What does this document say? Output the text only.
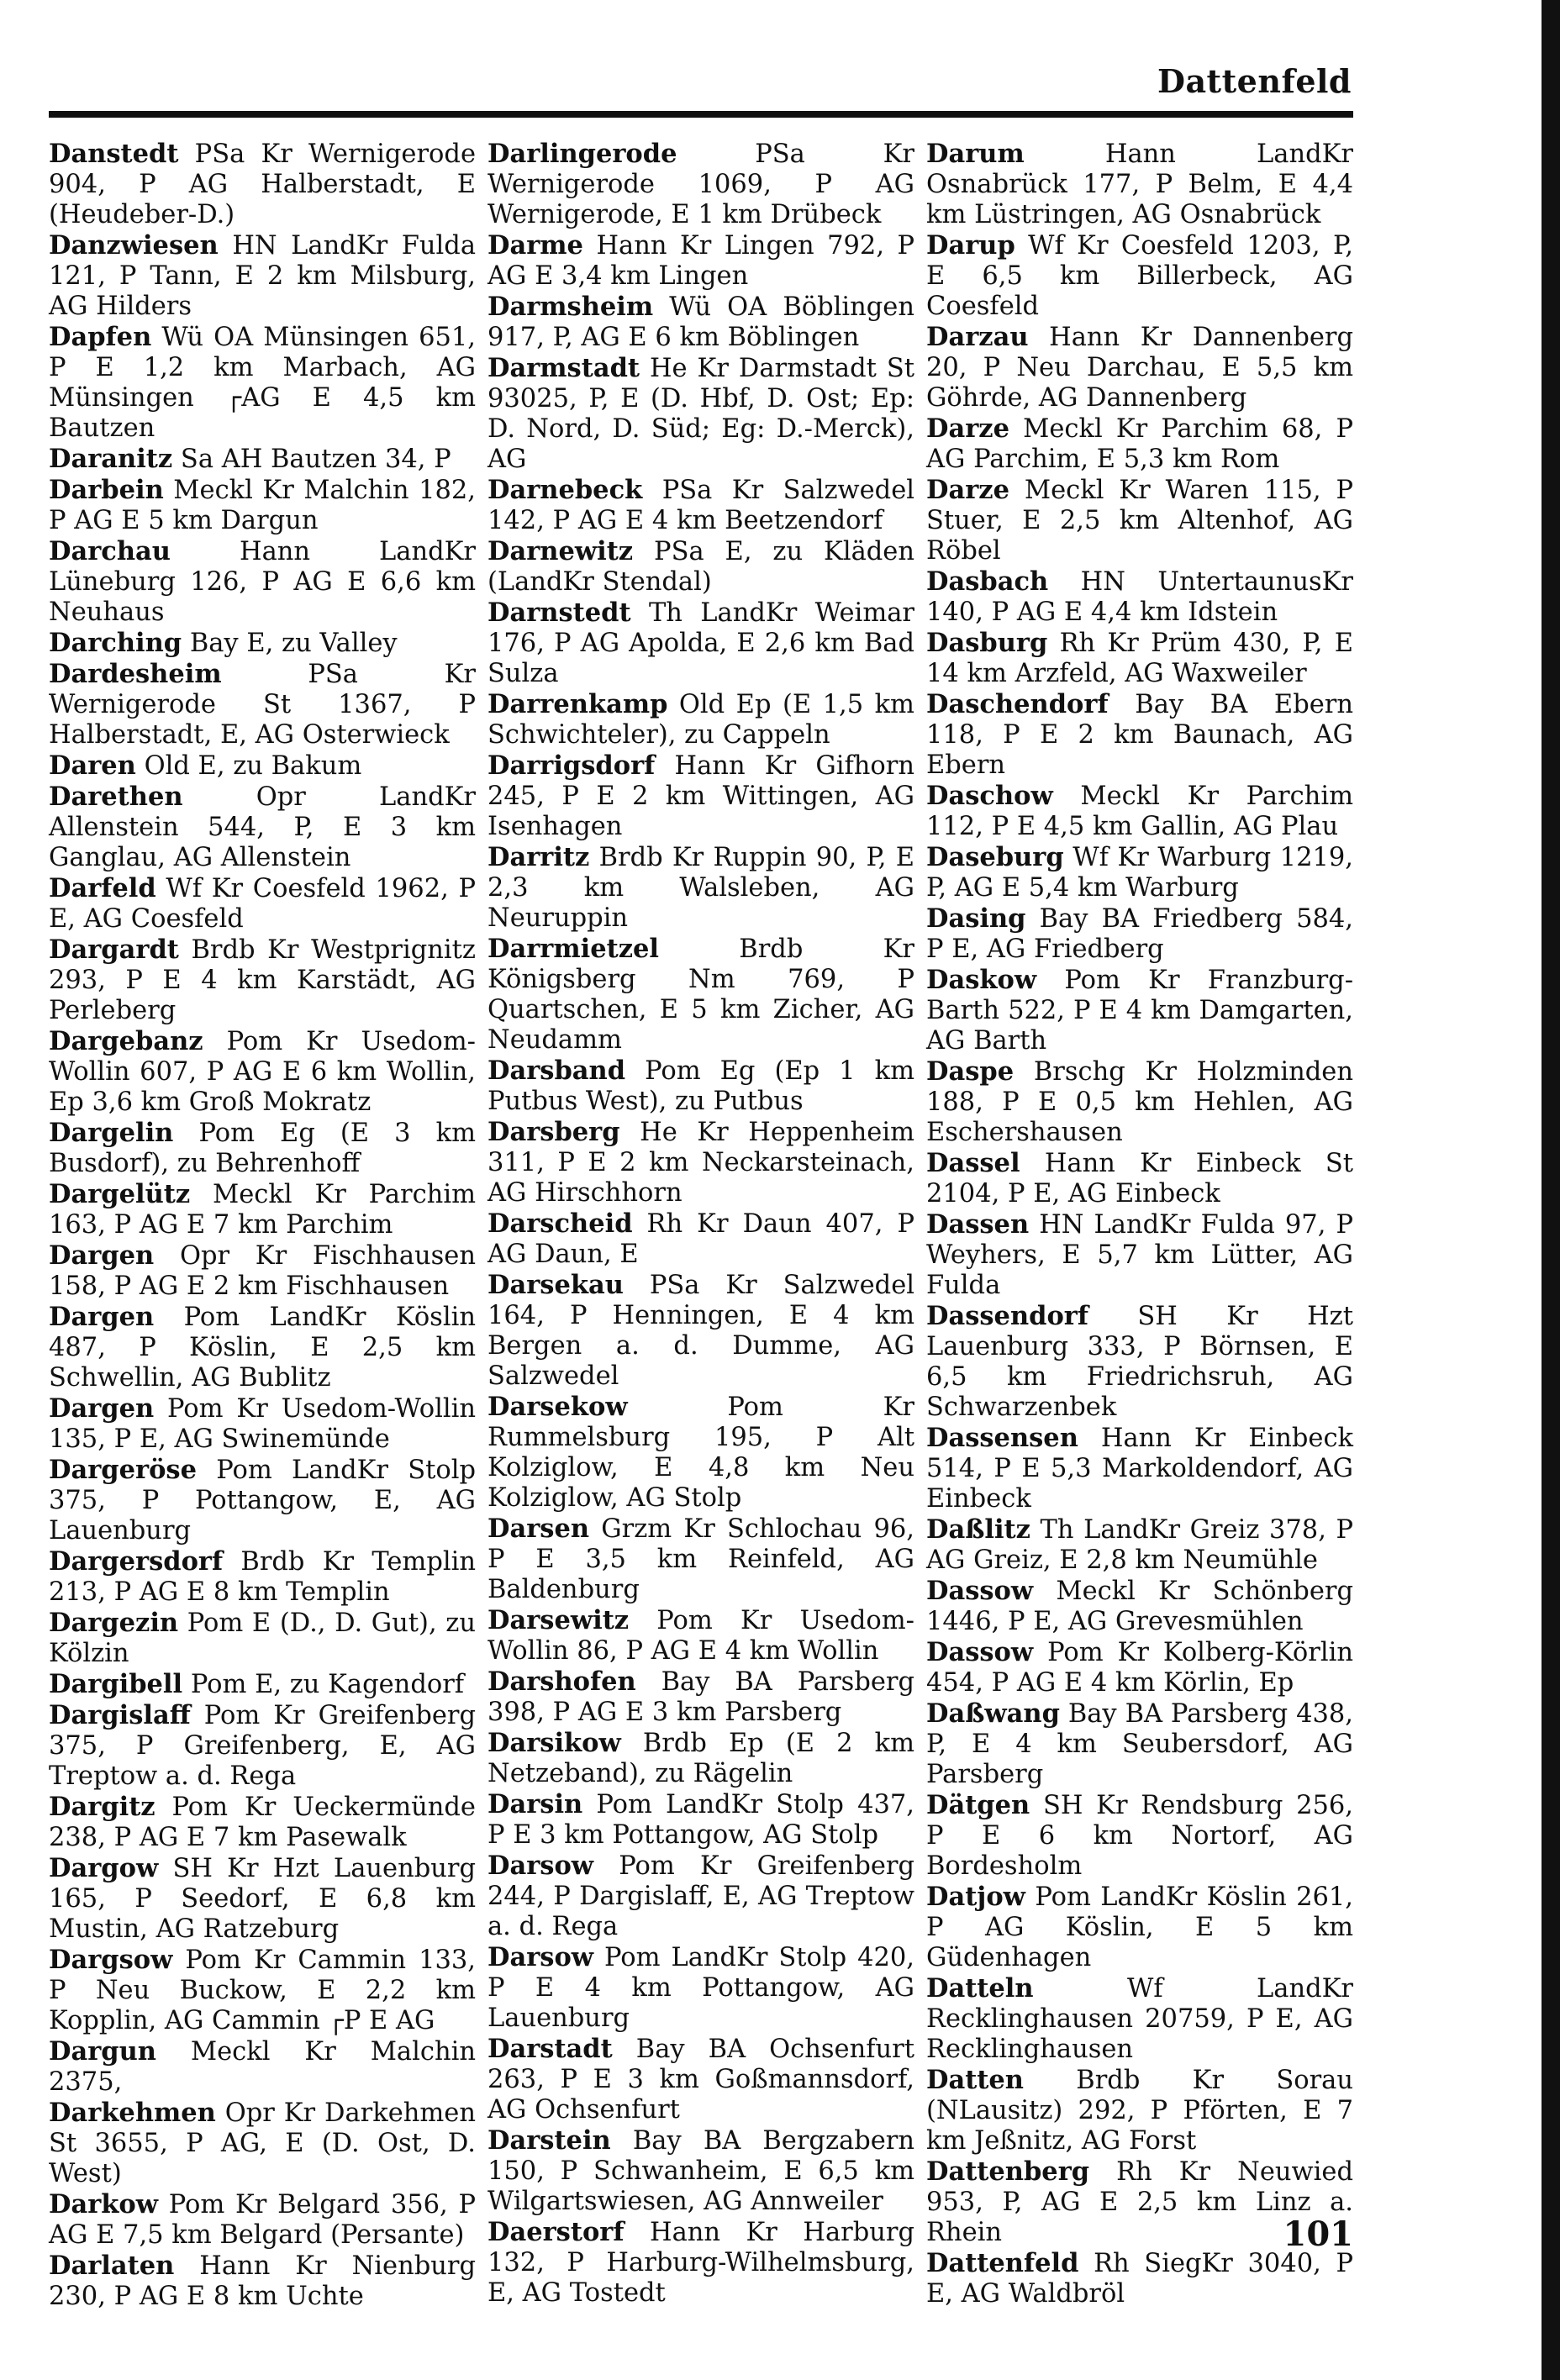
Dattenfeld

Danstedt PSa Kr Wernigerode 904, P AG Halberstadt, E (Heudeber-D.)

Danzwiesen HN LandKr Fulda 121, P Tann, E 2 km Milsburg, AG Hilders

Dapfen Wü OA Münsingen 651, P E 1,2 km Marbach, AG Münsingen ┌AG E 4,5 km Bautzen

Daranitz Sa AH Bautzen 34, P

Darbein Meckl Kr Malchin 182, P AG E 5 km Dargun

Darchau	Hann LandKr Lüneburg 126, P AG E 6,6 km Neuhaus

Darching Bay E, zu Valley

Dardesheim	PSa Kr Wernigerode St 1367, P Halberstadt, E, AG Osterwieck

Daren Old E, zu Bakum

Darethen	Opr LandKr Allenstein 544, P, E 3 km Ganglau, AG Allenstein

Darfeld Wf Kr Coesfeld 1962, P E, AG Coesfeld

Dargardt Brdb Kr Westprignitz 293, P E 4 km Karstädt, AG Perleberg

Dargebanz Pom Kr Usedom-Wollin 607, P AG E 6 km Wollin, Ep 3,6 km Groß Mokratz

Dargelin Pom Eg (E 3 km Busdorf), zu Behrenhoff

Dargelütz Meckl Kr Parchim 163, P AG E 7 km Parchim

Dargen Opr Kr Fischhausen 158, P AG E 2 km Fischhausen

Dargen Pom LandKr Köslin 487, P Köslin, E 2,5 km Schwellin, AG Bublitz

Dargen Pom Kr Usedom-Wollin 135, P E, AG Swinemünde

Dargeröse Pom LandKr Stolp 375, P Pottangow, E, AG Lauenburg

Dargersdorf Brdb Kr Templin 213, P AG E 8 km Templin

Dargezin Pom E (D., D. Gut), zu Kölzin

Dargibell Pom E, zu Kagendorf

Dargislaff Pom Kr Greifenberg 375, P Greifenberg, E, AG Treptow a. d. Rega

Dargitz Pom Kr Ueckermünde 238, P AG E 7 km Pasewalk

Dargow SH Kr Hzt Lauenburg 165, P Seedorf, E 6,8 km Mustin, AG Ratzeburg

Dargsow Pom Kr Cammin 133, P Neu Buckow, E 2,2 km Kopplin, AG Cammin ┌P E AG

Dargun Meckl Kr Malchin 2375,

Darkehmen Opr Kr Darkehmen St 3655, P AG, E (D. Ost, D. West)

Darkow Pom Kr Belgard 356, P AG E 7,5 km Belgard (Persante)

Darlaten Hann Kr Nienburg 230, P AG E 8 km Uchte

Darlingerode	PSa Kr Wernigerode 1069, P AG Wernigerode, E 1 km Drübeck

Darme Hann Kr Lingen 792, P AG E 3,4 km Lingen

Darmsheim Wü OA Böblingen 917, P, AG E 6 km Böblingen

Darmstadt He Kr Darmstadt St 93025, P, E (D. Hbf, D. Ost; Ep: D. Nord, D. Süd; Eg: D.-Merck), AG

Darnebeck PSa Kr Salzwedel 142, P AG E 4 km Beetzendorf

Darnewitz PSa E, zu Kläden (LandKr Stendal)

Darnstedt Th LandKr Weimar 176, P AG Apolda, E 2,6 km Bad Sulza

Darrenkamp Old Ep (E 1,5 km Schwichteler), zu Cappeln

Darrigsdorf Hann Kr Gifhorn 245, P E 2 km Wittingen, AG Isenhagen

Darritz Brdb Kr Ruppin 90, P, E 2,3 km Walsleben, AG Neuruppin

Darrmietzel	Brdb Kr Königsberg Nm 769, P Quartschen, E 5 km Zicher, AG Neudamm

Darsband Pom Eg (Ep 1 km Putbus West), zu Putbus

Darsberg He Kr Heppenheim 311, P E 2 km Neckarsteinach, AG Hirschhorn

Darscheid Rh Kr Daun 407, P AG Daun, E

Darsekau PSa Kr Salzwedel 164, P Henningen, E 4 km Bergen a. d. Dumme, AG Salzwedel

Darsekow	Pom Kr Rummelsburg 195, P Alt Kolziglow, E 4,8 km Neu Kolziglow, AG Stolp

Darsen Grzm Kr Schlochau 96, P E 3,5 km Reinfeld, AG Baldenburg

Darsewitz Pom Kr Usedom-Wollin 86, P AG E 4 km Wollin

Darshofen Bay BA Parsberg 398, P AG E 3 km Parsberg

Darsikow Brdb Ep (E 2 km Netzeband), zu Rägelin

Darsin Pom LandKr Stolp 437, P E 3 km Pottangow, AG Stolp

Darsow Pom Kr Greifenberg 244, P Dargislaff, E, AG Treptow a. d. Rega

Darsow Pom LandKr Stolp 420, P E 4 km Pottangow, AG Lauenburg

Darstadt Bay BA Ochsenfurt 263, P E 3 km Goßmannsdorf, AG Ochsenfurt

Darstein Bay BA Bergzabern 150, P Schwanheim, E 6,5 km Wilgartswiesen, AG Annweiler

Daerstorf Hann Kr Harburg 132, P Harburg-Wilhelmsburg, E, AG Tostedt

Darum	Hann LandKr Osnabrück 177, P Belm, E 4,4 km Lüstringen, AG Osnabrück

Darup Wf Kr Coesfeld 1203, P, E 6,5 km Billerbeck, AG Coesfeld

Darzau Hann Kr Dannenberg 20, P Neu Darchau, E 5,5 km Göhrde, AG Dannenberg

Darze Meckl Kr Parchim 68, P AG Parchim, E 5,3 km Rom

Darze Meckl Kr Waren 115, P Stuer, E 2,5 km Altenhof, AG Röbel

Dasbach HN UntertaunusKr 140, P AG E 4,4 km Idstein

Dasburg Rh Kr Prüm 430, P, E 14 km Arzfeld, AG Waxweiler

Daschendorf Bay BA Ebern 118, P E 2 km Baunach, AG Ebern

Daschow Meckl Kr Parchim 112, P E 4,5 km Gallin, AG Plau

Daseburg Wf Kr Warburg 1219, P, AG E 5,4 km Warburg

Dasing Bay BA Friedberg 584, P E, AG Friedberg

Daskow Pom Kr Franzburg-Barth 522, P E 4 km Damgarten, AG Barth

Daspe Brschg Kr Holzminden 188, P E 0,5 km Hehlen, AG Eschershausen

Dassel Hann Kr Einbeck St 2104, P E, AG Einbeck

Dassen HN LandKr Fulda 97, P Weyhers, E 5,7 km Lütter, AG Fulda

Dassendorf SH Kr Hzt Lauenburg 333, P Börnsen, E 6,5 km Friedrichsruh, AG Schwarzenbek

Dassensen Hann Kr Einbeck 514, P E 5,3 Markoldendorf, AG Einbeck

Daßlitz Th LandKr Greiz 378, P AG Greiz, E 2,8 km Neumühle

Dassow Meckl Kr Schönberg 1446, P E, AG Grevesmühlen

Dassow Pom Kr Kolberg-Körlin 454, P AG E 4 km Körlin, Ep

Daßwang Bay BA Parsberg 438, P, E 4 km Seubersdorf, AG Parsberg

Dätgen SH Kr Rendsburg 256, P E 6 km Nortorf, AG Bordesholm

Datjow Pom LandKr Köslin 261, P AG Köslin, E 5 km Güdenhagen

Datteln	Wf LandKr Recklinghausen 20759, P E, AG Recklinghausen

Datten Brdb Kr Sorau (NLausitz) 292, P Pförten, E 7 km Jeßnitz, AG Forst

Dattenberg Rh Kr Neuwied 953, P, AG E 2,5 km Linz a. Rhein

Dattenfeld Rh SiegKr 3040, P E, AG Waldbröl

101
